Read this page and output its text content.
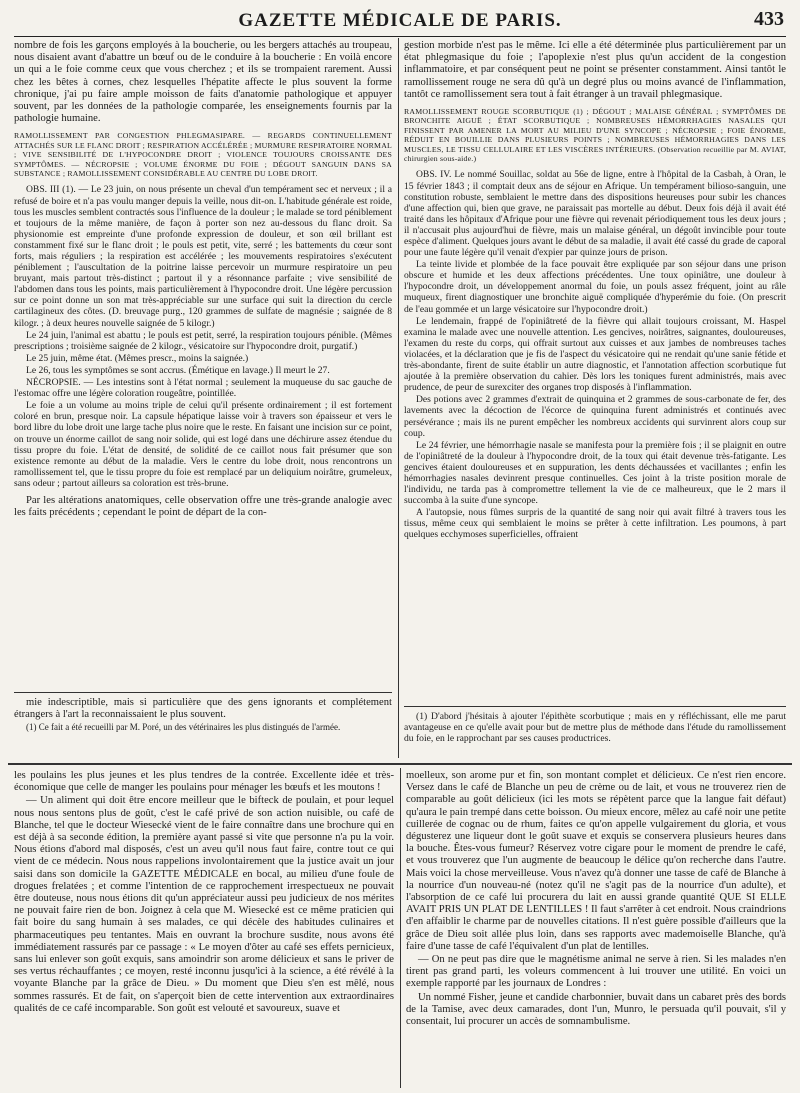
GAZETTE MÉDICALE DE PARIS.	433

nombre de fois les garçons employés à la boucherie, ou les bergers attachés au troupeau, nous disaient avant d'abattre un bœuf ou de le conduire à la boucherie : En voilà encore un qui a le foie comme ceux que vous cherchez ; et ils se trompaient rarement. Aussi chez les bêtes à cornes, chez lesquelles l'hépatite affecte le plus souvent la forme chronique, j'ai pu faire ample moisson de faits d'anatomie pathologique et appuyer souvent, par les données de la pathologie comparée, les enseignements fournis par la pathologie humaine.

RAMOLLISSEMENT PAR CONGESTION PHLEGMASIPARE. — REGARDS CONTINUELLEMENT ATTACHÉS SUR LE FLANC DROIT ; RESPIRATION ACCÉLÉRÉE ; MURMURE RESPIRATOIRE NORMAL ; VIVE SENSIBILITÉ DE L'HYPOCONDRE DROIT ; VIOLENCE TOUJOURS CROISSANTE DES SYMPTÔMES. — NÉCROPSIE ; VOLUME ÉNORME DU FOIE ; DÉGOUT SANGUIN DANS SA SUBSTANCE ; RAMOLLISSEMENT CONSIDÉRABLE AU CENTRE DU LOBE DROIT.

OBS. III (1). — Le 23 juin, on nous présente un cheval d'un tempérament sec et nerveux ; il a refusé de boire et n'a pas voulu manger depuis la veille, nous dit-on. L'habitude générale est roide, tous les muscles semblent contractés sous l'influence de la douleur ; le malade se tord péniblement et toujours de la même manière, de façon à porter son nez au-dessous du flanc droit. Sa physionomie est empreinte d'une profonde expression de douleur, et son œil brillant est constamment fixé sur le flanc droit ; le pouls est petit, vite, serré ; les battements du cœur sont forts, mais réguliers ; la respiration est accélérée ; les mouvements respiratoires s'exécutent péniblement ; l'auscultation de la poitrine laisse percevoir un murmure respiratoire un peu bruyant, mais partout très-distinct ; partout il y a résonnance parfaite ; vive sensibilité de l'abdomen dans tous les points, mais particulièrement à l'hypocondre droit. Une légère percussion sur ce point donne un son mat très-appréciable sur une surface qui suit la direction du cercle cartilagineux des côtes. (D. breuvage purg., 120 grammes de sulfate de magnésie ; saignée de 8 kilogr. ; à deux heures nouvelle saignée de 5 kilogr.)

Le 24 juin, l'animal est abattu ; le pouls est petit, serré, la respiration toujours pénible. (Mêmes prescriptions ; troisième saignée de 2 kilogr., vésicatoire sur l'hypocondre droit, purgatif.)

Le 25 juin, même état. (Mêmes prescr., moins la saignée.)

Le 26, tous les symptômes se sont accrus. (Émétique en lavage.) Il meurt le 27.

NÉCROPSIE. — Les intestins sont à l'état normal ; seulement la muqueuse du sac gauche de l'estomac offre une légère coloration rougeâtre, pointillée.

Le foie a un volume au moins triple de celui qu'il présente ordinairement ; il est fortement coloré en brun, presque noir. La capsule hépatique laisse voir à travers son épaisseur et vers le bord libre du lobe droit une large tache plus noire que le reste. En faisant une incision sur ce point, on trouve un énorme caillot de sang noir solide, qui est logé dans une déchirure assez étendue du tissu propre du foie. L'état de densité, de solidité de ce caillot nous fait présumer que son existence remonte au début de la maladie. Vers le centre du lobe droit, nous rencontrons un ramollissement tel, que le tissu propre du foie est remplacé par un deliquium noirâtre, grumeleux, sans odeur ; partout ailleurs sa coloration est très-brune.

Par les altérations anatomiques, celle observation offre une très-grande analogie avec les faits précédents ; cependant le point de départ de la con-

mie indescriptible, mais si particulière que des gens ignorants et complétement étrangers à l'art la reconnaissaient le plus souvent.

(1) Ce fait a été recueilli par M. Poré, un des vétérinaires les plus distingués de l'armée.

gestion morbide n'est pas le même. Ici elle a été déterminée plus particulièrement par un état phlegmasique du foie ; l'apoplexie n'est plus qu'un accident de la congestion inflammatoire, et par conséquent peut ne point se présenter constamment. Ainsi tantôt le ramollissement rouge ne sera dû qu'à un degré plus ou moins avancé de l'inflammation, tantôt ce ramollissement sera tout à fait étranger à un travail phlegmasique.

RAMOLLISSEMENT ROUGE SCORBUTIQUE (1) ; DÉGOUT ; MALAISE GÉNÉRAL ; SYMPTÔMES DE BRONCHITE AIGUË ; ÉTAT SCORBUTIQUE ; NOMBREUSES HÉMORRHAGIES NASALES QUI FINISSENT PAR AMENER LA MORT AU MILIEU D'UNE SYNCOPE ; NÉCROPSIE ; FOIE ÉNORME, RÉDUIT EN BOUILLIE DANS PLUSIEURS POINTS ; NOMBREUSES HÉMORRHAGIES DANS LES MUSCLES, LE TISSU CELLULAIRE ET LES VISCÈRES INTÉRIEURS. (Observation recueillie par M. AVIAT, chirurgien sous-aide.)

OBS. IV. Le nommé Souillac, soldat au 56e de ligne, entre à l'hôpital de la Casbah, à Oran, le 15 février 1843 ; il comptait deux ans de séjour en Afrique. Un tempérament bilioso-sanguin, une constitution robuste, semblaient le mettre dans des dispositions heureuses pour subir les chances d'une affection qui, bien que grave, ne paraissait pas mortelle au début. Deux fois déjà il avait été traité dans les hôpitaux d'Afrique pour une fièvre qui revenait périodiquement tous les deux jours ; il n'accusait plus aujourd'hui de fièvre, mais un malaise général, un dégoût invincible pour toute espèce d'aliment. Quelques jours avant le début de sa maladie, il avait été cassé du grade de caporal pour une faute légère qu'il venait d'expier par quinze jours de prison.

La teinte livide et plombée de la face pouvait être expliquée par son séjour dans une prison obscure et humide et les deux affections précédentes. Une toux opiniâtre, une douleur à l'hypocondre droit, un développement anormal du foie, un pouls assez fréquent, joint au râle muqueux, firent diagnostiquer une bronchite aiguë compliquée d'hyperémie du foie. (On prescrit de l'eau gommée et un large vésicatoire sur l'hypocondre droit.)

Le lendemain, frappé de l'opiniâtreté de la fièvre qui allait toujours croissant, M. Haspel examina le malade avec une nouvelle attention. Les gencives, noirâtres, saignantes, douloureuses, l'examen du reste du corps, qui offrait surtout aux cuisses et aux jambes de nombreuses taches violacées, et la déclaration que je fis de l'aspect du vésicatoire qui ne rendait qu'une sanie fétide et très-abondante, firent de suite établir un autre diagnostic, et l'annotation affection scorbutique fut ajoutée à la première observation du cahier. Dès lors les toniques furent administrés, mais avec prudence, de peur de surexciter des organes trop disposés à l'inflammation.

Des potions avec 2 grammes d'extrait de quinquina et 2 grammes de sous-carbonate de fer, des lavements avec la décoction de l'écorce de quinquina furent administrés et continués avec persévérance ; mais ils ne purent empêcher les nombreux accidents qui survinrent alors coup sur coup.

Le 24 février, une hémorrhagie nasale se manifesta pour la première fois ; il se plaignit en outre de l'opiniâtreté de la douleur à l'hypocondre droit, de la toux qui était devenue très-fatigante. Les gencives étaient douloureuses et en suppuration, les dents déchaussées et vacillantes ; enfin les hémorrhagies nasales devinrent presque continuelles. Ces joint à la triste position morale de l'individu, ne tarda pas à compromettre tellement la vie de ce malheureux, que le 2 mars il succomba à la suite d'une syncope.

A l'autopsie, nous fûmes surpris de la quantité de sang noir qui avait filtré à travers tous les tissus, même ceux qui semblaient le moins se prêter à cette infiltration. Les poumons, à part quelques ecchymoses superficielles, offraient

(1) D'abord j'hésitais à ajouter l'épithète scorbutique ; mais en y réfléchissant, elle me parut avantageuse en ce qu'elle avait pour but de mettre plus de méthode dans l'étude du ramollissement du foie, en le rapprochant par ses causes productrices.

les poulains les plus jeunes et les plus tendres de la contrée. Excellente idée et très-économique que celle de manger les poulains pour ménager les bœufs et les moutons !

— Un aliment qui doit être encore meilleur que le bifteck de poulain, et pour lequel nous nous sentons plus de goût, c'est le café privé de son action nuisible, ou café de Blanche, tel que le docteur Wiesecké vient de le faire connaître dans une brochure qui en est déjà à sa seconde édition, la première ayant passé si vite que personne n'a pu la voir. Nous étions d'abord mal disposés, c'est un aveu qu'il nous faut faire, contre tout ce qui vient de ce médecin. Nous nous rappelions involontairement que la justice avait un jour saisi dans son domicile la GAZETTE MÉDICALE en bocal, au milieu d'une foule de drogues frelatées ; et comme l'intention de ce rapprochement irrespectueux ne pouvait être douteuse, nous nous étions dit qu'un appréciateur aussi peu judicieux de nos mérites ne pouvait faire rien de bon. Joignez à cela que M. Wiesecké est ce même praticien qui fait boire du sang humain à ses malades, ce qui décèle des habitudes culinaires et pharmaceutiques peu tentantes. Mais en ouvrant la brochure susdite, nous avons été immédiatement rassurés par ce passage : « Le moyen d'ôter au café ses effets pernicieux, sans lui enlever son goût exquis, sans amoindrir son arome délicieux et sans le priver de ses vertus réchauffantes ; ce moyen, resté inconnu jusqu'ici à la science, a été révélé à la voyante Blanche par la grâce de Dieu. » Du moment que Dieu s'en est mêlé, nous sommes rassurés. Et de fait, on s'aperçoit bien de cette intervention aux extraordinaires qualités de ce café incomparable. Son goût est velouté et savoureux, suave et

moelleux, son arome pur et fin, son montant complet et délicieux. Ce n'est rien encore. Versez dans le café de Blanche un peu de crème ou de lait, et vous ne trouverez rien de comparable au goût délicieux (ici les mots se répètent parce que la langue fait défaut) qu'aura le pain trempé dans cette boisson. Ou mieux encore, mêlez au café noir une petite cuillerée de cognac ou de rhum, faites ce qu'on appelle vulgairement du gloria, et vous dégusterez une liqueur dont le goût suave et exquis se conservera plusieurs heures dans la bouche. Êtes-vous fumeur? Réservez votre cigare pour le moment de prendre le café, et vous trouverez que l'un augmente de beaucoup le délice qu'on recherche dans l'autre. Mais voici la chose merveilleuse. Vous n'avez qu'à donner une tasse de café de Blanche à la nourrice d'un nouveau-né (notez qu'il ne s'agit pas de la nourrice d'un adulte), et l'absorption de ce café lui procurera du lait en aussi grande quantité QUE SI ELLE AVAIT PRIS UN PLAT DE LENTILLES ! Il faut s'arrêter à cet endroit. Nous craindrions d'en affaiblir le charme par de nouvelles citations. Il n'est guère possible d'ailleurs que la grâce de Dieu soit allée plus loin, dans ses rapports avec mademoiselle Blanche, qu'à faire d'une tasse de café l'équivalent d'un plat de lentilles.

— On ne peut pas dire que le magnétisme animal ne serve à rien. Si les malades n'en tirent pas grand parti, les voleurs commencent à lui trouver une utilité. En voici un exemple rapporté par les journaux de Londres :

Un nommé Fisher, jeune et candide charbonnier, buvait dans un cabaret près des bords de la Tamise, avec deux camarades, dont l'un, Munro, le persuada qu'il pouvait, s'il y consentait, lui procurer un accès de somnambulisme.
